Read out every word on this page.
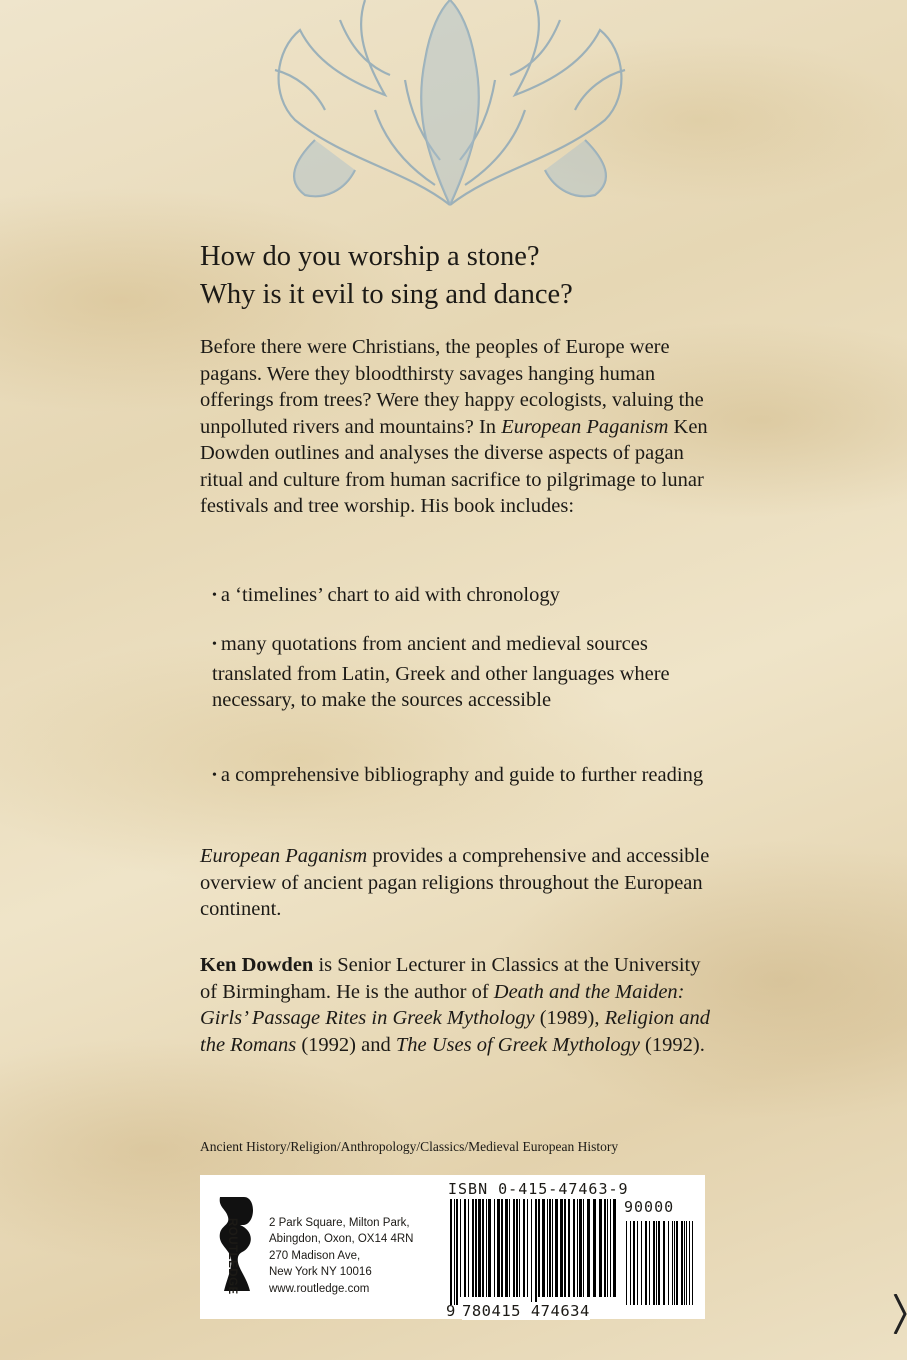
How do you worship a stone?
Why is it evil to sing and dance?
Before there were Christians, the peoples of Europe were pagans. Were they bloodthirsty savages hanging human offerings from trees? Were they happy ecologists, valuing the unpolluted rivers and mountains? In European Paganism Ken Dowden outlines and analyses the diverse aspects of pagan ritual and culture from human sacrifice to pilgrimage to lunar festivals and tree worship. His book includes:
• a ‘timelines’ chart to aid with chronology
• many quotations from ancient and medieval sources translated from Latin, Greek and other languages where necessary, to make the sources accessible
• a comprehensive bibliography and guide to further reading
European Paganism provides a comprehensive and accessible overview of ancient pagan religions throughout the European continent.
Ken Dowden is Senior Lecturer in Classics at the University of Birmingham. He is the author of Death and the Maiden: Girls’ Passage Rites in Greek Mythology (1989), Religion and the Romans (1992) and The Uses of Greek Mythology (1992).
Ancient History/Religion/Anthropology/Classics/Medieval European History
ROUTLEDGE	2 Park Square, Milton Park,
Abingdon, Oxon, OX14 4RN
270 Madison Ave,
New York NY 10016
www.routledge.com
ISBN 0-415-47463-9
90000
9 780415 474634
